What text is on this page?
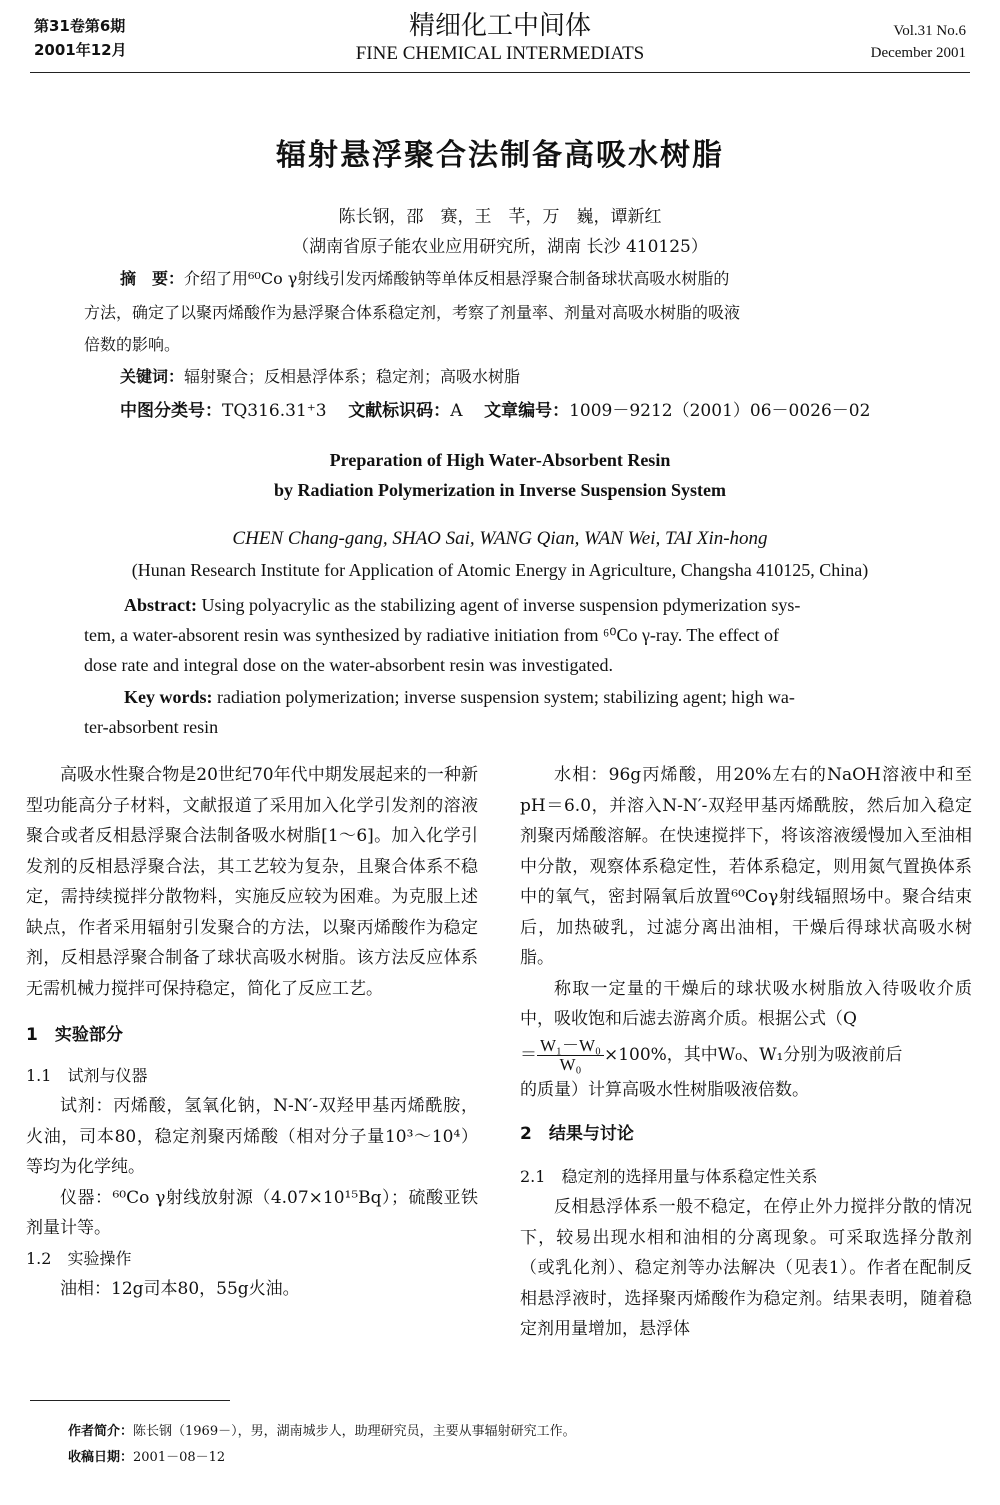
第31卷第6期
2001年12月
精细化工中间体
FINE CHEMICAL INTERMEDIATS
Vol.31 No.6
December 2001
辐射悬浮聚合法制备高吸水树脂
陈长钢，邵　赛，王　芊，万　巍，谭新红
（湖南省原子能农业应用研究所，湖南 长沙 410125）
摘　要：介绍了用⁶⁰Co γ射线引发丙烯酸钠等单体反相悬浮聚合制备球状高吸水树脂的
方法，确定了以聚丙烯酸作为悬浮聚合体系稳定剂，考察了剂量率、剂量对高吸水树脂的吸液
倍数的影响。
关键词：辐射聚合；反相悬浮体系；稳定剂；高吸水树脂
中图分类号：TQ316.31⁺3 文献标识码：A 文章编号：1009－9212（2001）06－0026－02
Preparation of High Water-Absorbent Resin
by Radiation Polymerization in Inverse Suspension System
CHEN Chang-gang, SHAO Sai, WANG Qian, WAN Wei, TAI Xin-hong
(Hunan Research Institute for Application of Atomic Energy in Agriculture, Changsha 410125, China)
Abstract: Using polyacrylic as the stabilizing agent of inverse suspension pdymerization sys-
tem, a water-absorent resin was synthesized by radiative initiation from ⁶⁰Co γ-ray. The effect of
dose rate and integral dose on the water-absorbent resin was investigated.
Key words: radiation polymerization; inverse suspension system; stabilizing agent; high wa-
ter-absorbent resin

高吸水性聚合物是20世纪70年代中期发展起来的一种新型功能高分子材料，文献报道了采用加入化学引发剂的溶液聚合或者反相悬浮聚合法制备吸水树脂[1～6]。加入化学引发剂的反相悬浮聚合法，其工艺较为复杂，且聚合体系不稳定，需持续搅拌分散物料，实施反应较为困难。为克服上述缺点，作者采用辐射引发聚合的方法，以聚丙烯酸作为稳定剂，反相悬浮聚合制备了球状高吸水树脂。该方法反应体系无需机械力搅拌可保持稳定，简化了反应工艺。

1　实验部分

1.1　试剂与仪器

试剂：丙烯酸，氢氧化钠，N-N′-双羟甲基丙烯酰胺，火油，司本80，稳定剂聚丙烯酸（相对分子量10³～10⁴）等均为化学纯。

仪器：⁶⁰Co γ射线放射源（4.07×10¹⁵Bq）；硫酸亚铁剂量计等。

1.2　实验操作

油相：12g司本80，55g火油。

水相：96g丙烯酸，用20%左右的NaOH溶液中和至pH＝6.0，并溶入N-N′-双羟甲基丙烯酰胺，然后加入稳定剂聚丙烯酸溶解。在快速搅拌下，将该溶液缓慢加入至油相中分散，观察体系稳定性，若体系稳定，则用氮气置换体系中的氧气，密封隔氧后放置⁶⁰Coγ射线辐照场中。聚合结束后，加热破乳，过滤分离出油相，干燥后得球状高吸水树脂。

称取一定量的干燥后的球状吸水树脂放入待吸收介质中，吸收饱和后滤去游离介质。根据公式（Q

＝ $\frac{\text{W₁－W₀}}{\text{W₀}} \times 100\%$，其中W₀、W₁分别为吸液前后

的质量）计算高吸水性树脂吸液倍数。

2　结果与讨论

2.1　稳定剂的选择用量与体系稳定性关系

反相悬浮体系一般不稳定，在停止外力搅拌分散的情况下，较易出现水相和油相的分离现象。可采取选择分散剂（或乳化剂）、稳定剂等办法解决（见表1）。作者在配制反相悬浮液时，选择聚丙烯酸作为稳定剂。结果表明，随着稳定剂用量增加，悬浮体

作者简介：陈长钢（1969－），男，湖南城步人，助理研究员，主要从事辐射研究工作。
收稿日期：2001－08－12
